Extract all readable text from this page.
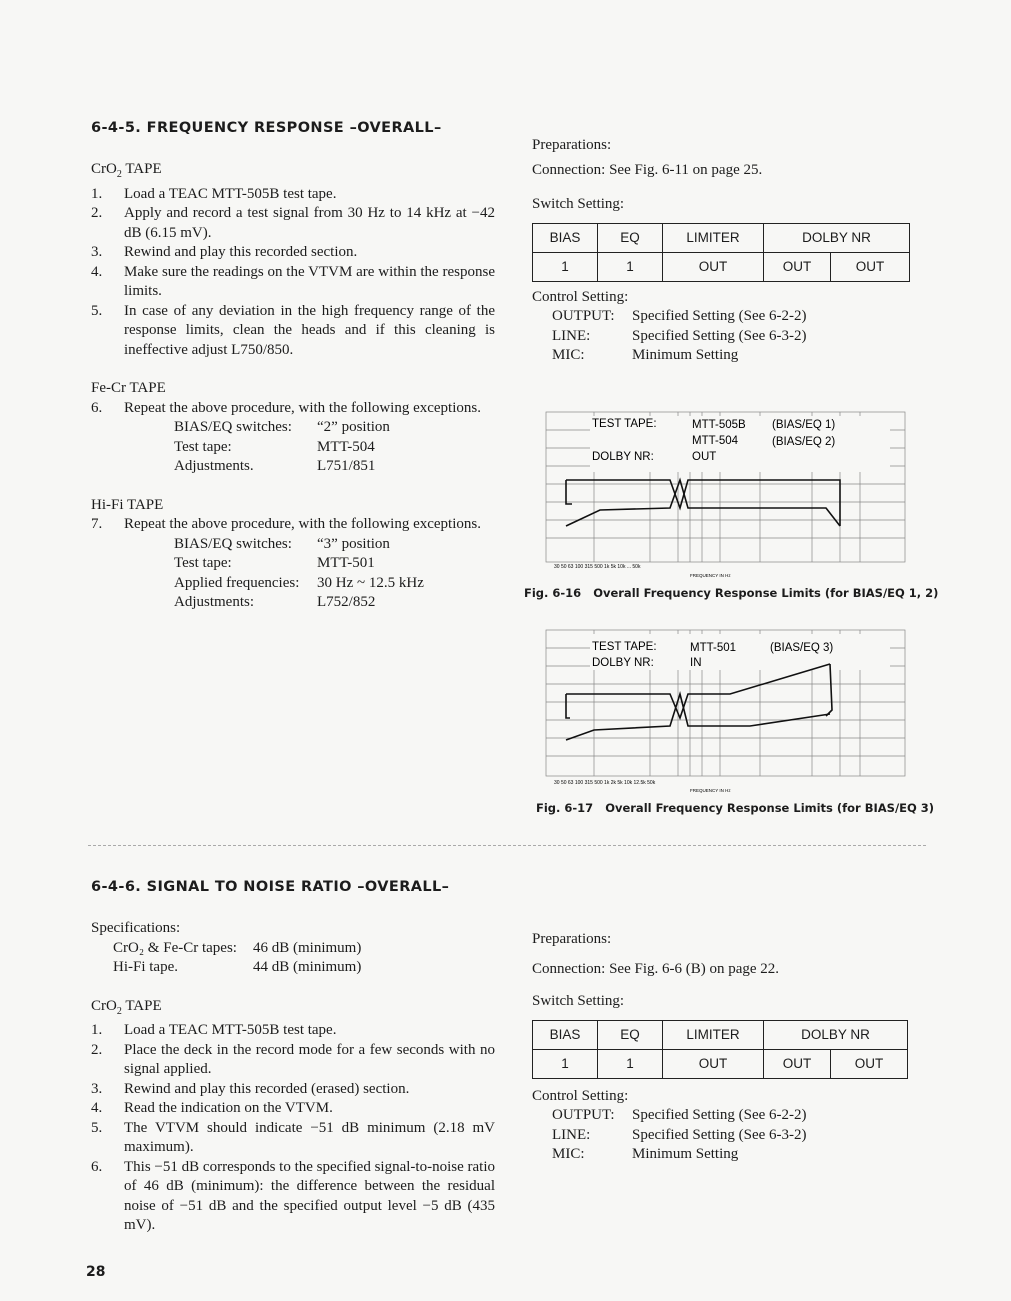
6-4-5. FREQUENCY RESPONSE –OVERALL–

CrO$_2$ TAPE

1. Load a TEAC MTT-505B test tape.
2. Apply and record a test signal from 30 Hz to 14 kHz at −42 dB (6.15 mV).
3. Rewind and play this recorded section.
4. Make sure the readings on the VTVM are within the response limits.
5. In case of any deviation in the high frequency range of the response limits, clean the heads and if this cleaning is ineffective adjust L750/850.

Fe-Cr TAPE

6. Repeat the above procedure, with the following exceptions.
BIAS/EQ switches:	“2” position
Test tape:	MTT-504
Adjustments.	L751/851

Hi-Fi TAPE

7. Repeat the above procedure, with the following exceptions.
BIAS/EQ switches:	“3” position
Test tape:	MTT-501
Applied frequencies:	30 Hz ~ 12.5 kHz
Adjustments:	L752/852

Preparations:

Connection: See Fig. 6-11 on page 25.

Switch Setting:

BIAS	EQ	LIMITER	DOLBY NR	
1	1	OUT	OUT	OUT

Control Setting:

OUTPUT:	Specified Setting (See 6-2-2)
LINE:	Specified Setting (See 6-3-2)
MIC:	Minimum Setting
TEST TAPE:	MTT-505B (BIAS/EQ 1)
MTT-504	(BIAS/EQ 2)
DOLBY NR:	OUT
30 50 63 100 315 500 1k 5k 10k ... 50k
FREQUENCY IN Hz
Fig. 6-16 Overall Frequency Response Limits (for BIAS/EQ 1, 2)
TEST TAPE:	MTT-501	(BIAS/EQ 3)
DOLBY NR:	IN
30 50 63 100 315 500 1k 2k 5k 10k 12.5k 50k
FREQUENCY IN Hz
Fig. 6-17 Overall Frequency Response Limits (for BIAS/EQ 3)
6-4-6. SIGNAL TO NOISE RATIO –OVERALL–

Specifications:

CrO₂ & Fe-Cr tapes:	46 dB (minimum)
Hi-Fi tape.	44 dB (minimum)

CrO$_2$ TAPE

1. Load a TEAC MTT-505B test tape.
2. Place the deck in the record mode for a few seconds with no signal applied.
3. Rewind and play this recorded (erased) section.
4. Read the indication on the VTVM.
5. The VTVM should indicate −51 dB minimum (2.18 mV maximum).
6. This −51 dB corresponds to the specified signal-to-noise ratio of 46 dB (minimum): the difference between the residual noise of −51 dB and the specified output level −5 dB (435 mV).

Preparations:

Connection: See Fig. 6-6 (B) on page 22.

Switch Setting:

BIAS	EQ	LIMITER	DOLBY NR	
1	1	OUT	OUT	OUT

Control Setting:

OUTPUT:	Specified Setting (See 6-2-2)
LINE:	Specified Setting (See 6-3-2)
MIC:	Minimum Setting
28
